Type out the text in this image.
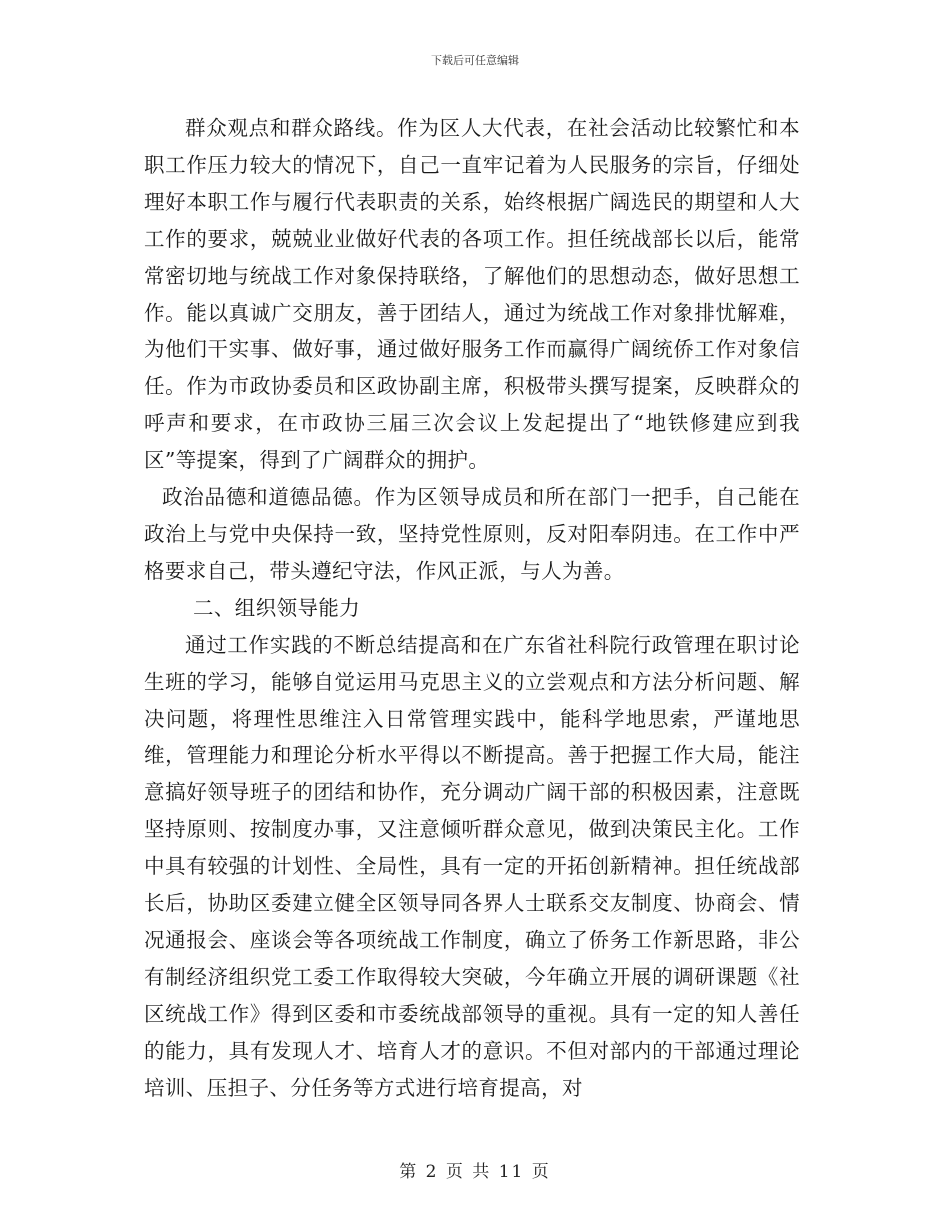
下载后可任意编辑

群众观点和群众路线。作为区人大代表，在社会活动比较繁忙和本职工作压力较大的情况下，自己一直牢记着为人民服务的宗旨，仔细处理好本职工作与履行代表职责的关系，始终根据广阔选民的期望和人大工作的要求，兢兢业业做好代表的各项工作。担任统战部长以后，能常常密切地与统战工作对象保持联络，了解他们的思想动态，做好思想工作。能以真诚广交朋友，善于团结人，通过为统战工作对象排忧解难，为他们干实事、做好事，通过做好服务工作而赢得广阔统侨工作对象信任。作为市政协委员和区政协副主席，积极带头撰写提案，反映群众的呼声和要求，在市政协三届三次会议上发起提出了“地铁修建应到我区”等提案，得到了广阔群众的拥护。

政治品德和道德品德。作为区领导成员和所在部门一把手，自己能在政治上与党中央保持一致，坚持党性原则，反对阳奉阴违。在工作中严格要求自己，带头遵纪守法，作风正派，与人为善。

二、组织领导能力

通过工作实践的不断总结提高和在广东省社科院行政管理在职讨论生班的学习，能够自觉运用马克思主义的立尝观点和方法分析问题、解决问题，将理性思维注入日常管理实践中，能科学地思索，严谨地思维，管理能力和理论分析水平得以不断提高。善于把握工作大局，能注意搞好领导班子的团结和协作，充分调动广阔干部的积极因素，注意既坚持原则、按制度办事，又注意倾听群众意见，做到决策民主化。工作中具有较强的计划性、全局性，具有一定的开拓创新精神。担任统战部长后，协助区委建立健全区领导同各界人士联系交友制度、协商会、情况通报会、座谈会等各项统战工作制度，确立了侨务工作新思路，非公有制经济组织党工委工作取得较大突破，今年确立开展的调研课题《社区统战工作》得到区委和市委统战部领导的重视。具有一定的知人善任的能力，具有发现人才、培育人才的意识。不但对部内的干部通过理论培训、压担子、分任务等方式进行培育提高，对

第 2 页 共 11 页
